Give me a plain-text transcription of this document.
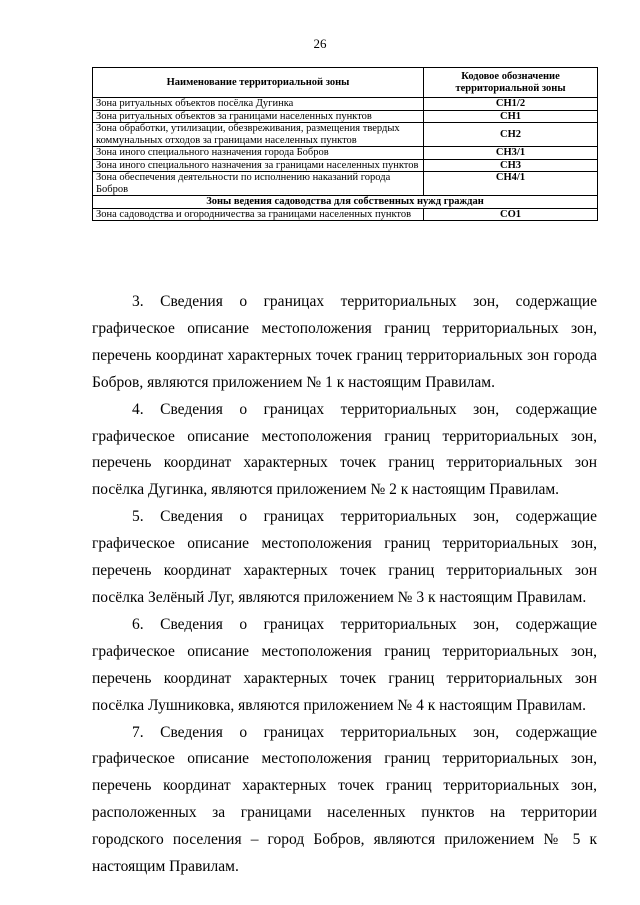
26
Наименование территориальной зоны	Кодовое обозначение территориальной зоны
Зона ритуальных объектов посёлка Дугинка	СН1/2
Зона ритуальных объектов за границами населенных пунктов	СН1
Зона обработки, утилизации, обезвреживания, размещения твердых коммунальных отходов за границами населенных пунктов	СН2
Зона иного специального назначения города Бобров	СН3/1
Зона иного специального назначения за границами населенных пунктов	СН3
Зона обеспечения деятельности по исполнению наказаний города Бобров	СН4/1
Зоны ведения садоводства для собственных нужд граждан	
Зона садоводства и огородничества за границами населенных пунктов	СО1

3. Сведения о границах территориальных зон, содержащие графическое описание местоположения границ территориальных зон, перечень координат характерных точек границ территориальных зон города Бобров, являются приложением № 1 к настоящим Правилам.

4. Сведения о границах территориальных зон, содержащие графическое описание местоположения границ территориальных зон, перечень координат характерных точек границ территориальных зон посёлка Дугинка, являются приложением № 2 к настоящим Правилам.

5. Сведения о границах территориальных зон, содержащие графическое описание местоположения границ территориальных зон, перечень координат характерных точек границ территориальных зон посёлка Зелёный Луг, являются приложением № 3 к настоящим Правилам.

6. Сведения о границах территориальных зон, содержащие графическое описание местоположения границ территориальных зон, перечень координат характерных точек границ территориальных зон посёлка Лушниковка, являются приложением № 4 к настоящим Правилам.

7. Сведения о границах территориальных зон, содержащие графическое описание местоположения границ территориальных зон, перечень координат характерных точек границ территориальных зон, расположенных за границами населенных пунктов на территории городского поселения – город Бобров, являются приложением № 5 к настоящим Правилам.
